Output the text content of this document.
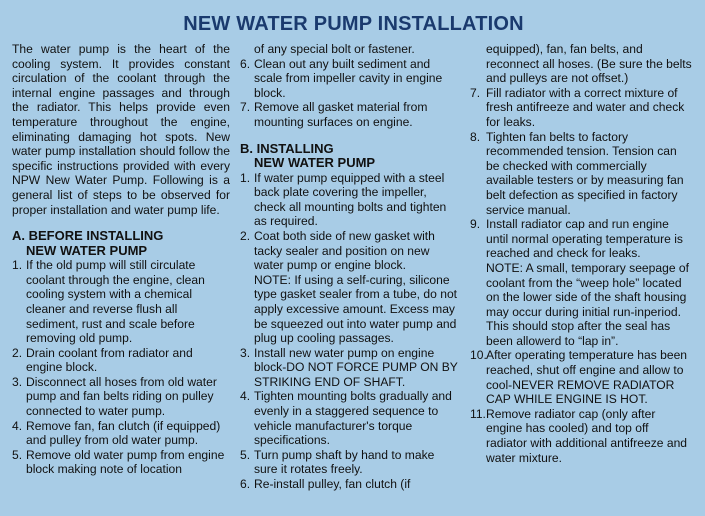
NEW WATER PUMP INSTALLATION

The water pump is the heart of the cooling system. It provides constant circulation of the coolant through the internal engine passages and through the radiator. This helps provide even temperature throughout the engine, eliminating damaging hot spots. New water pump installation should follow the specific instructions provided with every NPW New Water Pump. Following is a general list of steps to be observed for proper installation and water pump life.

A. BEFORE INSTALLING
NEW WATER PUMP
1. If the old pump will still circulate coolant through the engine, clean cooling system with a chemical cleaner and reverse flush all sediment, rust and scale before removing old pump.
2. Drain coolant from radiator and engine block.
3. Disconnect all hoses from old water pump and fan belts riding on pulley connected to water pump.
4. Remove fan, fan clutch (if equipped) and pulley from old water pump.
5. Remove old water pump from engine block making note of location
of any special bolt or fastener.
6. Clean out any built sediment and scale from impeller cavity in engine block.
7. Remove all gasket material from mounting surfaces on engine.
B. INSTALLING
NEW WATER PUMP
1. If water pump equipped with a steel back plate covering the impeller, check all mounting bolts and tighten as required.
2. Coat both side of new gasket with tacky sealer and position on new water pump or engine block.
NOTE: If using a self-curing, silicone type gasket sealer from a tube, do not apply excessive amount. Excess may be squeezed out into water pump and plug up cooling passages.
3. Install new water pump on engine block-DO NOT FORCE PUMP ON BY STRIKING END OF SHAFT.
4. Tighten mounting bolts gradually and evenly in a staggered sequence to vehicle manufacturer's torque specifications.
5. Turn pump shaft by hand to make sure it rotates freely.
6. Re-install pulley, fan clutch (if
equipped), fan, fan belts, and reconnect all hoses. (Be sure the belts and pulleys are not offset.)
7. Fill radiator with a correct mixture of fresh antifreeze and water and check for leaks.
8. Tighten fan belts to factory recommended tension. Tension can be checked with commercially available testers or by measuring fan belt defection as specified in factory service manual.
9. Install radiator cap and run engine until normal operating temperature is reached and check for leaks.
NOTE: A small, temporary seepage of coolant from the “weep hole” located on the lower side of the shaft housing may occur during initial run-inperiod. This should stop after the seal has been allowerd to “lap in”.
10. After operating temperature has been reached, shut off engine and allow to cool-NEVER REMOVE RADIATOR CAP WHILE ENGINE IS HOT.
11. Remove radiator cap (only after engine has cooled) and top off radiator with additional antifreeze and water mixture.
